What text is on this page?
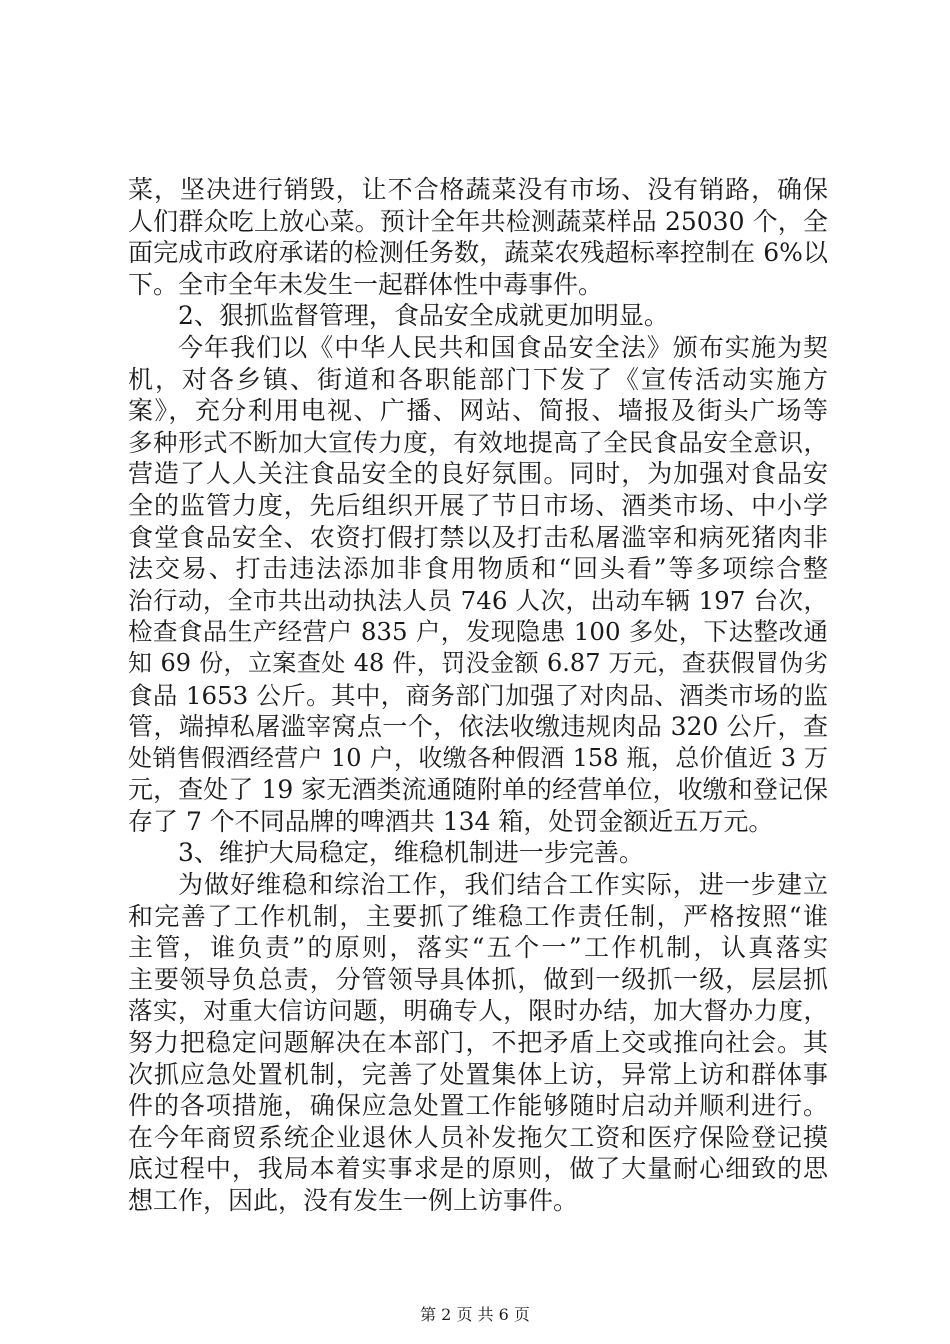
菜，坚决进行销毁，让不合格蔬菜没有市场、没有销路，确保
人们群众吃上放心菜。预计全年共检测蔬菜样品 25030 个，全
面完成市政府承诺的检测任务数，蔬菜农残超标率控制在 6%以
下。全市全年未发生一起群体性中毒事件。
2、狠抓监督管理，食品安全成就更加明显。
今年我们以《中华人民共和国食品安全法》颁布实施为契
机，对各乡镇、街道和各职能部门下发了《宣传活动实施方
案》，充分利用电视、广播、网站、简报、墙报及街头广场等
多种形式不断加大宣传力度，有效地提高了全民食品安全意识，
营造了人人关注食品安全的良好氛围。同时，为加强对食品安
全的监管力度，先后组织开展了节日市场、酒类市场、中小学
食堂食品安全、农资打假打禁以及打击私屠滥宰和病死猪肉非
法交易、打击违法添加非食用物质和“回头看”等多项综合整
治行动，全市共出动执法人员 746 人次，出动车辆 197 台次，
检查食品生产经营户 835 户，发现隐患 100 多处，下达整改通
知 69 份，立案查处 48 件，罚没金额 6.87 万元，查获假冒伪劣
食品 1653 公斤。其中，商务部门加强了对肉品、酒类市场的监
管，端掉私屠滥宰窝点一个，依法收缴违规肉品 320 公斤，查
处销售假酒经营户 10 户，收缴各种假酒 158 瓶，总价值近 3 万
元，查处了 19 家无酒类流通随附单的经营单位，收缴和登记保
存了 7 个不同品牌的啤酒共 134 箱，处罚金额近五万元。
3、维护大局稳定，维稳机制进一步完善。
为做好维稳和综治工作，我们结合工作实际，进一步建立
和完善了工作机制，主要抓了维稳工作责任制，严格按照“谁
主管，谁负责”的原则，落实“五个一”工作机制，认真落实
主要领导负总责，分管领导具体抓，做到一级抓一级，层层抓
落实，对重大信访问题，明确专人，限时办结，加大督办力度，
努力把稳定问题解决在本部门，不把矛盾上交或推向社会。其
次抓应急处置机制，完善了处置集体上访，异常上访和群体事
件的各项措施，确保应急处置工作能够随时启动并顺利进行。
在今年商贸系统企业退休人员补发拖欠工资和医疗保险登记摸
底过程中，我局本着实事求是的原则，做了大量耐心细致的思
想工作，因此，没有发生一例上访事件。
第 2 页 共 6 页
